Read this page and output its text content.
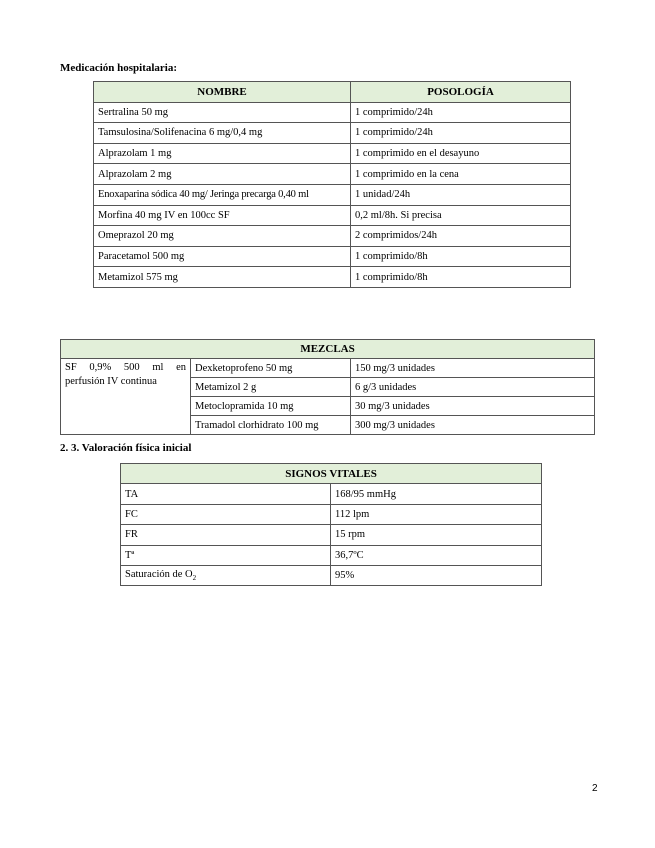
Medicación hospitalaria:
NOMBRE	POSOLOGÍA
Sertralina 50 mg	1 comprimido/24h
Tamsulosina/Solifenacina 6 mg/0,4 mg	1 comprimido/24h
Alprazolam 1 mg	1 comprimido en el desayuno
Alprazolam 2 mg	1 comprimido en la cena
Enoxaparina sódica 40 mg/ Jeringa precarga 0,40 ml	1 unidad/24h
Morfina 40 mg IV en 100cc SF	0,2 ml/8h. Si precisa
Omeprazol 20 mg	2 comprimidos/24h
Paracetamol 500 mg	1 comprimido/8h
Metamizol 575 mg	1 comprimido/8h
MEZCLAS		
SF 0,9% 500 ml en perfusión IV continua	Dexketoprofeno 50 mg	150 mg/3 unidades
	Metamizol 2 g	6 g/3 unidades
	Metoclopramida 10 mg	30 mg/3 unidades
	Tramadol clorhidrato 100 mg	300 mg/3 unidades
2. 3. Valoración física inicial
SIGNOS VITALES	
TA	168/95 mmHg
FC	112 lpm
FR	15 rpm
Tª	36,7ºC
Saturación de $O_2$	95%
2
